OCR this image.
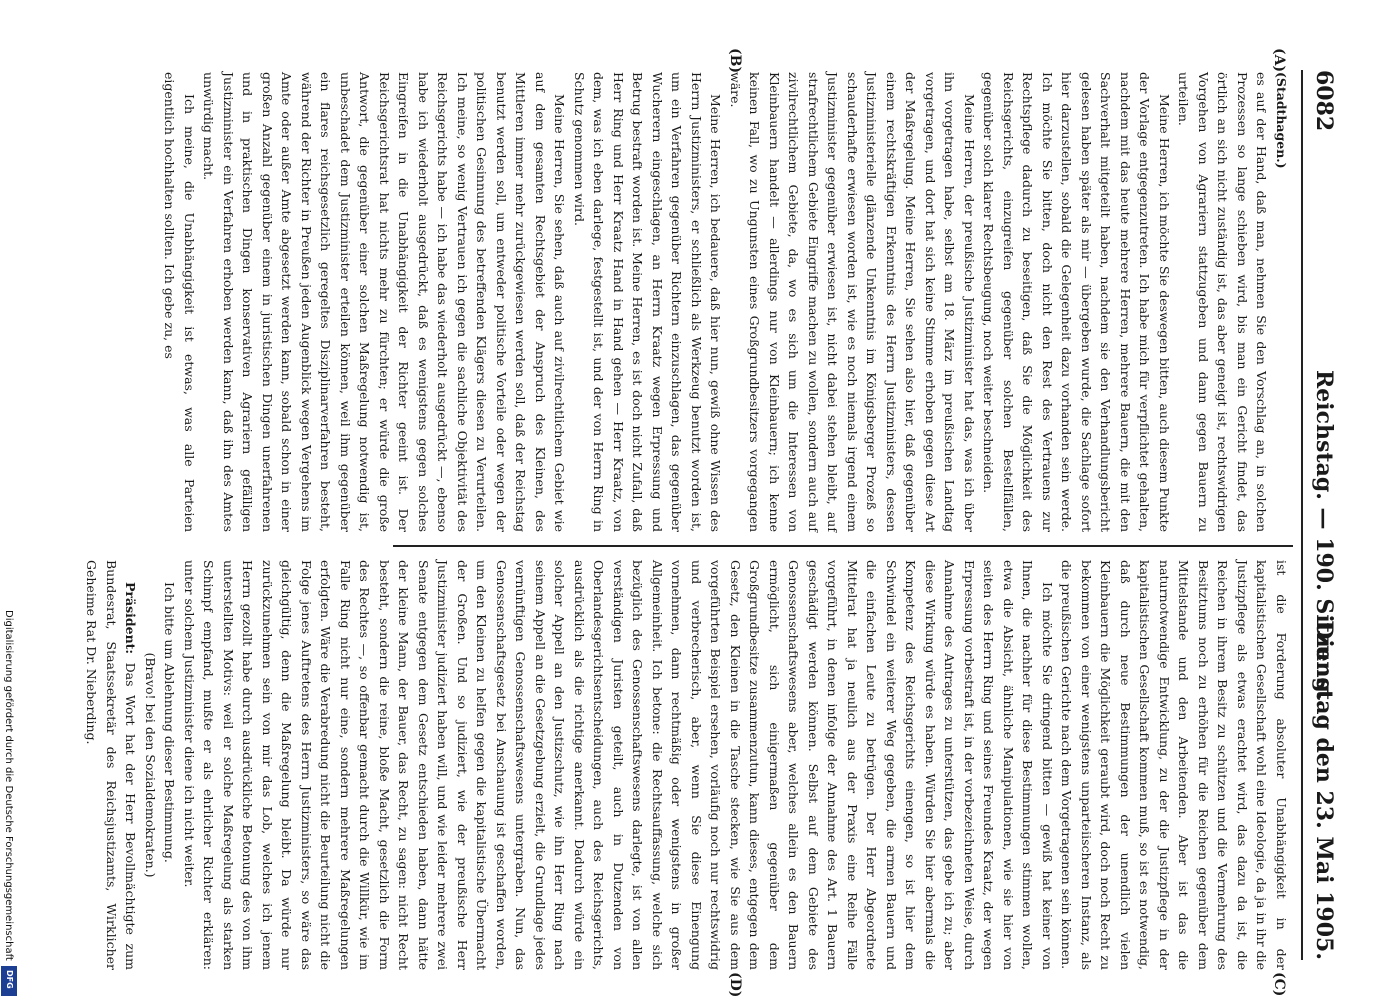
6082
Reichstag. — 190. Sitzung.
Dienstag den 23. Mai 1905.
(A)
(B)
(C)
(D)

(Stadthagen.)

es auf der Hand, daß man, nehmen Sie den Vorschlag an, in solchen Prozessen so lange schieben wird, bis man ein Gericht findet, das örtlich an sich nicht zuständig ist, das aber geneigt ist, rechtswidrigen Vorgehen von Agrariern stattzugeben und dann gegen Bauern zu urteilen.

Meine Herren, ich möchte Sie deswegen bitten, auch diesem Punkte der Vorlage entgegenzutreten. Ich habe mich für verpflichtet gehalten, nachdem mit das heute mehrere Herren, mehrere Bauern, die mit den Sachverhalt mitgeteilt haben, nachdem sie den Verhandlungsbericht gelesen haben später als mir — übergeben wurde, die Sachlage sofort hier darzustellen, sobald die Gelegenheit dazu vorhanden sein werde. Ich möchte Sie bitten, doch nicht den Rest des Vertrauens zur Rechtspflege dadurch zu beseitigen, daß Sie die Möglichkeit des Reichsgerichts, einzugreifen gegenüber solchen Bestellfällen, gegenüber solch klarer Rechtsbeugung, noch weiter beschneiden.

Meine Herren, der preußische Justizminister hat das, was ich über ihn vorgetragen habe, selbst am 18. März im preußischen Landtag vorgetragen, und dort hat sich keine Stimme erhoben gegen diese Art der Maßregelung. Meine Herren, Sie sehen also hier, daß gegenüber einem rechtskräftigen Erkenntnis des Herrn Justizministers, dessen Justizministerielle glänzende Unkenntnis im Königsberger Prozeß so schauderhafte erwiesen worden ist, wie es noch niemals irgend einem Justizminister gegenüber erwiesen ist, nicht dabei stehen bleibt, auf strafrechtlichem Gebiete Eingriffe machen zu wollen, sondern auch auf zivilrechtlichem Gebiete, da, wo es sich um die Interessen von Kleinbauern handelt — allerdings nur von Kleinbauern; ich kenne keinen Fall, wo zu Ungunsten eines Großgrundbesitzers vorgegangen wäre.

Meine Herren, ich bedauere, daß hier nun, gewiß ohne Wissen des Herrn Justizministers, er schließlich als Werkzeug benutzt worden ist, um ein Verfahren gegenüber Richtern einzuschlagen, das gegenüber Wucherern eingeschlagen, an Herrn Kraatz wegen Erpressung und Betrug bestraft worden ist. Meine Herren, es ist doch nicht Zufall, daß Herr Ring und Herr Kraatz Hand in Hand gehen — Herr Kraatz, von dem, was ich eben darlege, festgestellt ist, und der von Herrn Ring in Schutz genommen wird.

Meine Herren, Sie sehen, daß auch auf zivilrechtlichem Gebiet wie auf dem gesamten Rechtsgebiet der Anspruch des Kleinen, des Mittleren immer mehr zurückgewiesen werden soll, daß der Reichstag benutzt werden soll, um entweder politische Vorteile oder wegen der politischen Gesinnung des betreffenden Klägers diesen zu Verurteilen. Ich meine, so wenig Vertrauen ich gegen die sachliche Objektivität des Reichsgerichts habe — ich habe das wiederholt ausgedrückt —, ebenso habe ich wiederholt ausgedrückt, daß es wenigstens gegen solches Eingreifen in die Unabhängigkeit der Richter geeint ist. Der Reichsgerichtsrat hat nichts mehr zu fürchten; er würde die große Antwort, die gegenüber einer solchen Maßregelung notwendig ist, unbeschadet dem Justizminister erteilen können, weil ihm gegenüber ein flares reichsgesetzlich geregeltes Disziplinarverfahren besteht, während der Richter in Preußen jeden Augenblick wegen Vergehens im Amte oder außer Amte abgesetzt werden kann, sobald schon in einer großen Anzahl gegenüber einem in juristischen Dingen unerfahrenen und in praktischen Dingen konservativen Agrariern gefälligen Justizminister ein Verfahren erhoben werden kann, daß ihn des Amtes unwürdig macht.

Ich meine, die Unabhängigkeit ist etwas, was alle Parteien eigentlich hochhalten sollten. Ich gebe zu, es

ist die Forderung absoluter Unabhängigkeit in der kapitalistischen Gesellschaft wohl eine Ideologie, da ja in ihr die Justizpflege als etwas erachtet wird, das dazu da ist, die Reichen in ihrem Besitz zu schützen und die Vermehrung des Besitztums noch zu erhöhen für die Reichen gegenüber dem Mittelstande und den Arbeitenden. Aber ist das die naturnotwendige Entwicklung, zu der die Justizpflege in der kapitalistischen Gesellschaft kommen muß, so ist es notwendig, daß durch neue Bestimmungen der unendlich vielen Kleinbauern die Möglichkeit geraubt wird, doch noch Recht zu bekommen von einer wenigstens unparteiischeren Instanz, als die preußischen Gerichte nach dem Vorgetragenen sein können.

Ich möchte Sie dringend bitten — gewiß hat keiner von Ihnen, die nachher für diese Bestimmungen stimmen wollen, etwa die Absicht, ähnliche Manipulationen, wie sie hier von seiten des Herrn Ring und seines Freundes Kraatz, der wegen Erpressung vorbestraft ist, in der vorbezeichneten Weise, durch Annahme des Antrages zu unterstützen, das gebe ich zu; aber diese Wirkung würde es haben. Würden Sie hier abermals die Kompetenz des Reichsgerichts einengen, so ist hier dem Schwindel ein weiterer Weg gegeben, die armen Bauern und die einfachen Leute zu betrügen. Der Herr Abgeordnete Mittelrat hat ja neulich aus der Praxis eine Reihe Fälle vorgeführt, in denen infolge der Annahme des Art. 1 Bauern geschädigt werden können. Selbst auf dem Gebiete des Genossenschaftswesens aber, welches allein es den Bauern ermöglicht, sich einigermaßen gegenüber dem Großgrundbesitze zusammenzutun, kann dieses, entgegen dem Gesetz, den Kleinen in die Tasche stecken, wie Sie aus dem vorgeführten Beispiel ersehen, vorläufig noch nur rechtswidrig und verbrecherisch, aber, wenn Sie diese Einengung vornehmen, dann rechtmäßig oder wenigstens in großer Allgemeinheit. Ich betone: die Rechtsauffassung, welche sich bezüglich des Genossenschaftswesens darlegte, ist von allen verständigen Juristen geteilt, auch in Dutzenden von Oberlandesgerichtsentscheidungen, auch des Reichsgerichts, ausdrücklich als die richtige anerkannt. Dadurch würde ein solcher Appell an den Justizschutz, wie ihn Herr Ring nach seinem Appell an die Gesetzgebung erzielt, die Grundlage jedes vernünftigen Genossenschaftswesens untergraben. Nun, das Genossenschaftsgesetz bei Anschauung ist geschaffen worden, um den Kleinen zu helfen gegen die kapitalistische Übermacht der Großen. Und so judiziert, wie der preußische Herr Justizminister judiziert haben will, und wie leider mehrere zwei Senate entgegen dem Gesetz entschieden haben, dann hätte der kleine Mann, der Bauer, das Recht, zu sagen: nicht Recht besteht, sondern die reine, bloße Macht, gesetzlich die Form des Rechtes —, so offenbar gemacht durch die Willkür, wie im Falle Ring nicht nur eine, sondern mehrere Maßregelungen erfolgten. Wäre die Verabredung nicht die Beurteilung nicht die Folge jenes Auftretens des Herrn Justizministers, so wäre das gleichgültig, denn die Maßregelung bleibt. Da würde nur zurückzunehmen sein von mir das Lob, welches ich jenem Herrn gezollt habe durch ausdrückliche Betonung des von ihm unterstellten Motivs: weil er solche Maßregelung als starken Schimpf empfand, mußte er als ehrlicher Richter erklären: unter solchem Justizminister diene ich nicht weiter.

Ich bitte um Ablehnung dieser Bestimmung.

(Bravo! bei den Sozialdemokraten.)

Präsident: Das Wort hat der Herr Bevollmächtigte zum Bundesrat, Staatssekretär des Reichsjustizamts, Wirklicher Geheime Rat Dr. Nieberding.

Digitalisierung gefördert durch die Deutsche Forschungsgemeinschaft
DFG
